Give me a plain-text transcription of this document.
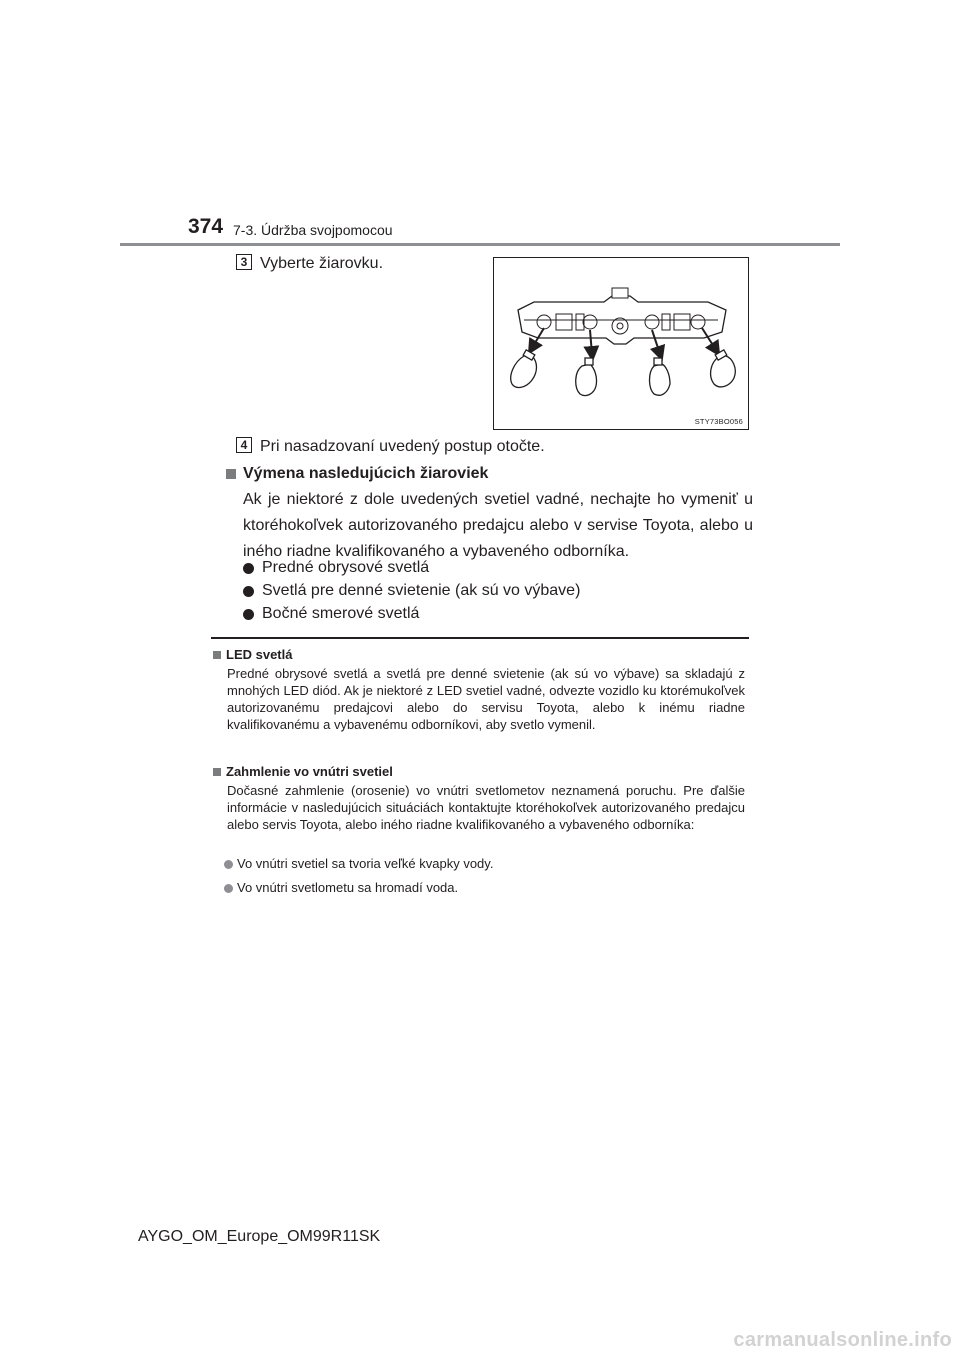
374 7-3. Údržba svojpomocou
3 Vyberte žiarovku.
STY73BO056
4 Pri nasadzovaní uvedený postup otočte.
Výmena nasledujúcich žiaroviek
Ak je niektoré z dole uvedených svetiel vadné, nechajte ho vymeniť u ktoréhokoľvek autorizovaného predajcu alebo v servise Toyota, alebo u iného riadne kvalifikovaného a vybaveného odborníka.
Predné obrysové svetlá
Svetlá pre denné svietenie (ak sú vo výbave)
Bočné smerové svetlá
LED svetlá
Predné obrysové svetlá a svetlá pre denné svietenie (ak sú vo výbave) sa skladajú z mnohých LED diód. Ak je niektoré z LED svetiel vadné, odvezte vozidlo ku ktorémukoľvek autorizovanému predajcovi alebo do servisu Toyota, alebo k inému riadne kvalifikovanému a vybavenému odborníkovi, aby svetlo vymenil.
Zahmlenie vo vnútri svetiel
Dočasné zahmlenie (orosenie) vo vnútri svetlometov neznamená poruchu. Pre ďalšie informácie v nasledujúcich situáciách kontaktujte ktoréhokoľvek autorizovaného predajcu alebo servis Toyota, alebo iného riadne kvalifikovaného a vybaveného odborníka:
Vo vnútri svetiel sa tvoria veľké kvapky vody.
Vo vnútri svetlometu sa hromadí voda.
AYGO_OM_Europe_OM99R11SK
carmanualsonline.info
